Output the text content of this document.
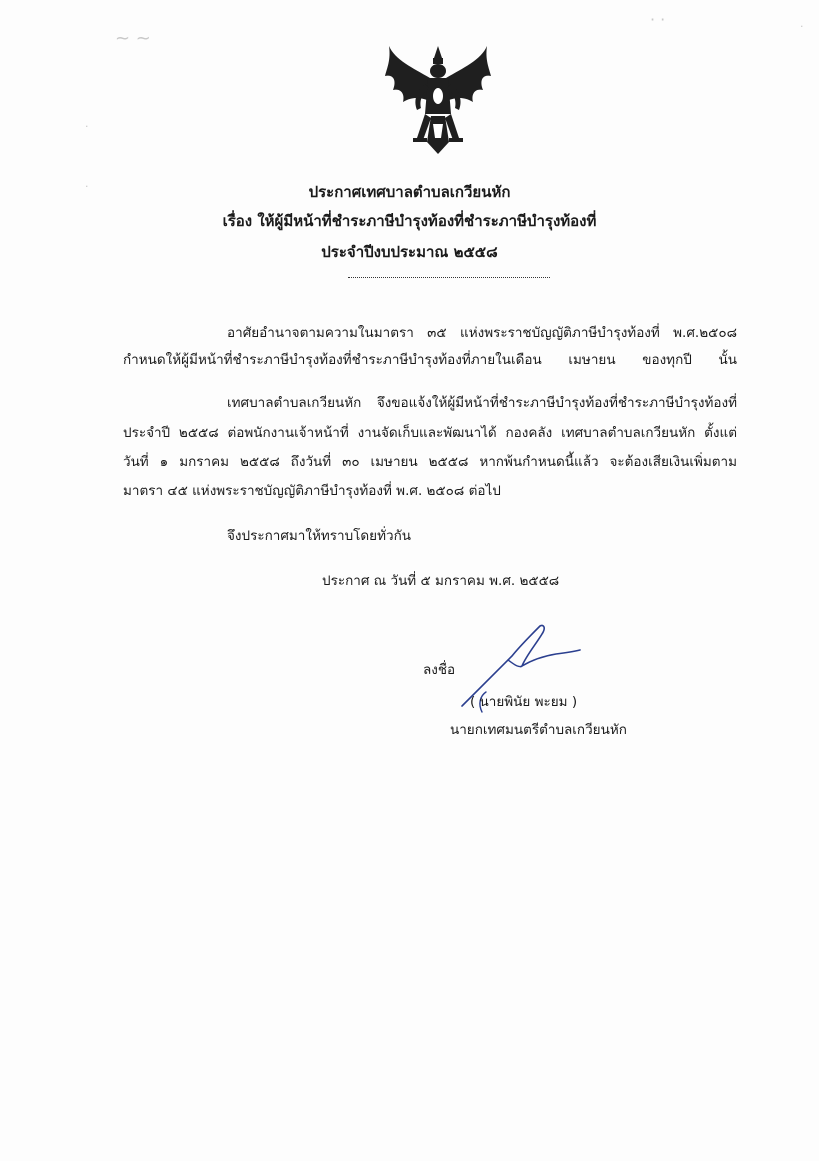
ประกาศเทศบาลตำบลเกวียนหัก
เรื่อง ให้ผู้มีหน้าที่ชำระภาษีบำรุงท้องที่ชำระภาษีบำรุงท้องที่
ประจำปีงบประมาณ ๒๕๕๘
อาศัยอำนาจตามความในมาตรา ๓๕ แห่งพระราชบัญญัติภาษีบำรุงท้องที่ พ.ศ.๒๕๐๘
กำหนดให้ผู้มีหน้าที่ชำระภาษีบำรุงท้องที่ชำระภาษีบำรุงท้องที่ภายในเดือน เมษายน ของทุกปี นั้น
เทศบาลตำบลเกวียนหัก จึงขอแจ้งให้ผู้มีหน้าที่ชำระภาษีบำรุงท้องที่ชำระภาษีบำรุงท้องที่
ประจำปี ๒๕๕๘ ต่อพนักงานเจ้าหน้าที่ งานจัดเก็บและพัฒนาได้ กองคลัง เทศบาลตำบลเกวียนหัก ตั้งแต่
วันที่ ๑ มกราคม ๒๕๕๘ ถึงวันที่ ๓๐ เมษายน ๒๕๕๘ หากพ้นกำหนดนี้แล้ว จะต้องเสียเงินเพิ่มตาม
มาตรา ๔๕ แห่งพระราชบัญญัติภาษีบำรุงท้องที่ พ.ศ. ๒๕๐๘ ต่อไป
จึงประกาศมาให้ทราบโดยทั่วกัน
ประกาศ ณ วันที่ ๕ มกราคม พ.ศ. ๒๕๕๘
ลงชื่อ
( นายพินัย พะยม )
นายกเทศมนตรีตำบลเกวียนหัก
~ ~
· ·
·
·
·
